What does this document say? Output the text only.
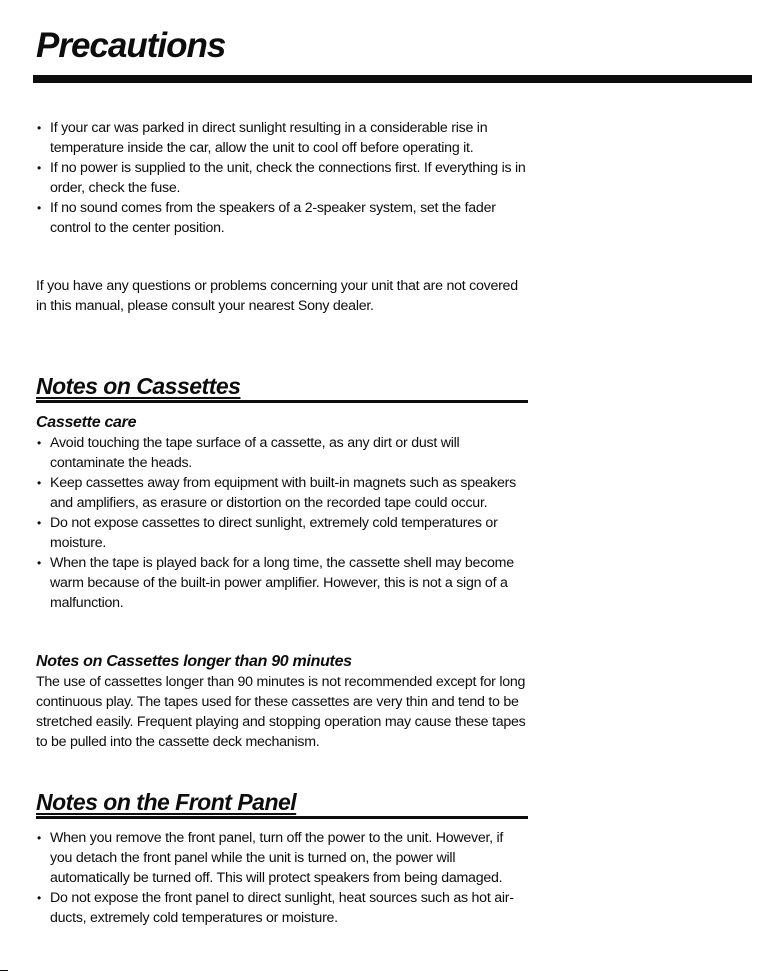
Precautions
• If your car was parked in direct sunlight resulting in a considerable rise in temperature inside the car, allow the unit to cool off before operating it.
• If no power is supplied to the unit, check the connections first. If everything is in order, check the fuse.
• If no sound comes from the speakers of a 2-speaker system, set the fader control to the center position.

If you have any questions or problems concerning your unit that are not covered in this manual, please consult your nearest Sony dealer.

Notes on Cassettes
Cassette care
• Avoid touching the tape surface of a cassette, as any dirt or dust will contaminate the heads.
• Keep cassettes away from equipment with built-in magnets such as speakers and amplifiers, as erasure or distortion on the recorded tape could occur.
• Do not expose cassettes to direct sunlight, extremely cold temperatures or moisture.
• When the tape is played back for a long time, the cassette shell may become warm because of the built-in power amplifier. However, this is not a sign of a malfunction.
Notes on Cassettes longer than 90 minutes

The use of cassettes longer than 90 minutes is not recommended except for long continuous play. The tapes used for these cassettes are very thin and tend to be stretched easily. Frequent playing and stopping operation may cause these tapes to be pulled into the cassette deck mechanism.

Notes on the Front Panel
• When you remove the front panel, turn off the power to the unit. However, if you detach the front panel while the unit is turned on, the power will automatically be turned off. This will protect speakers from being damaged.
• Do not expose the front panel to direct sunlight, heat sources such as hot air-ducts, extremely cold temperatures or moisture.
